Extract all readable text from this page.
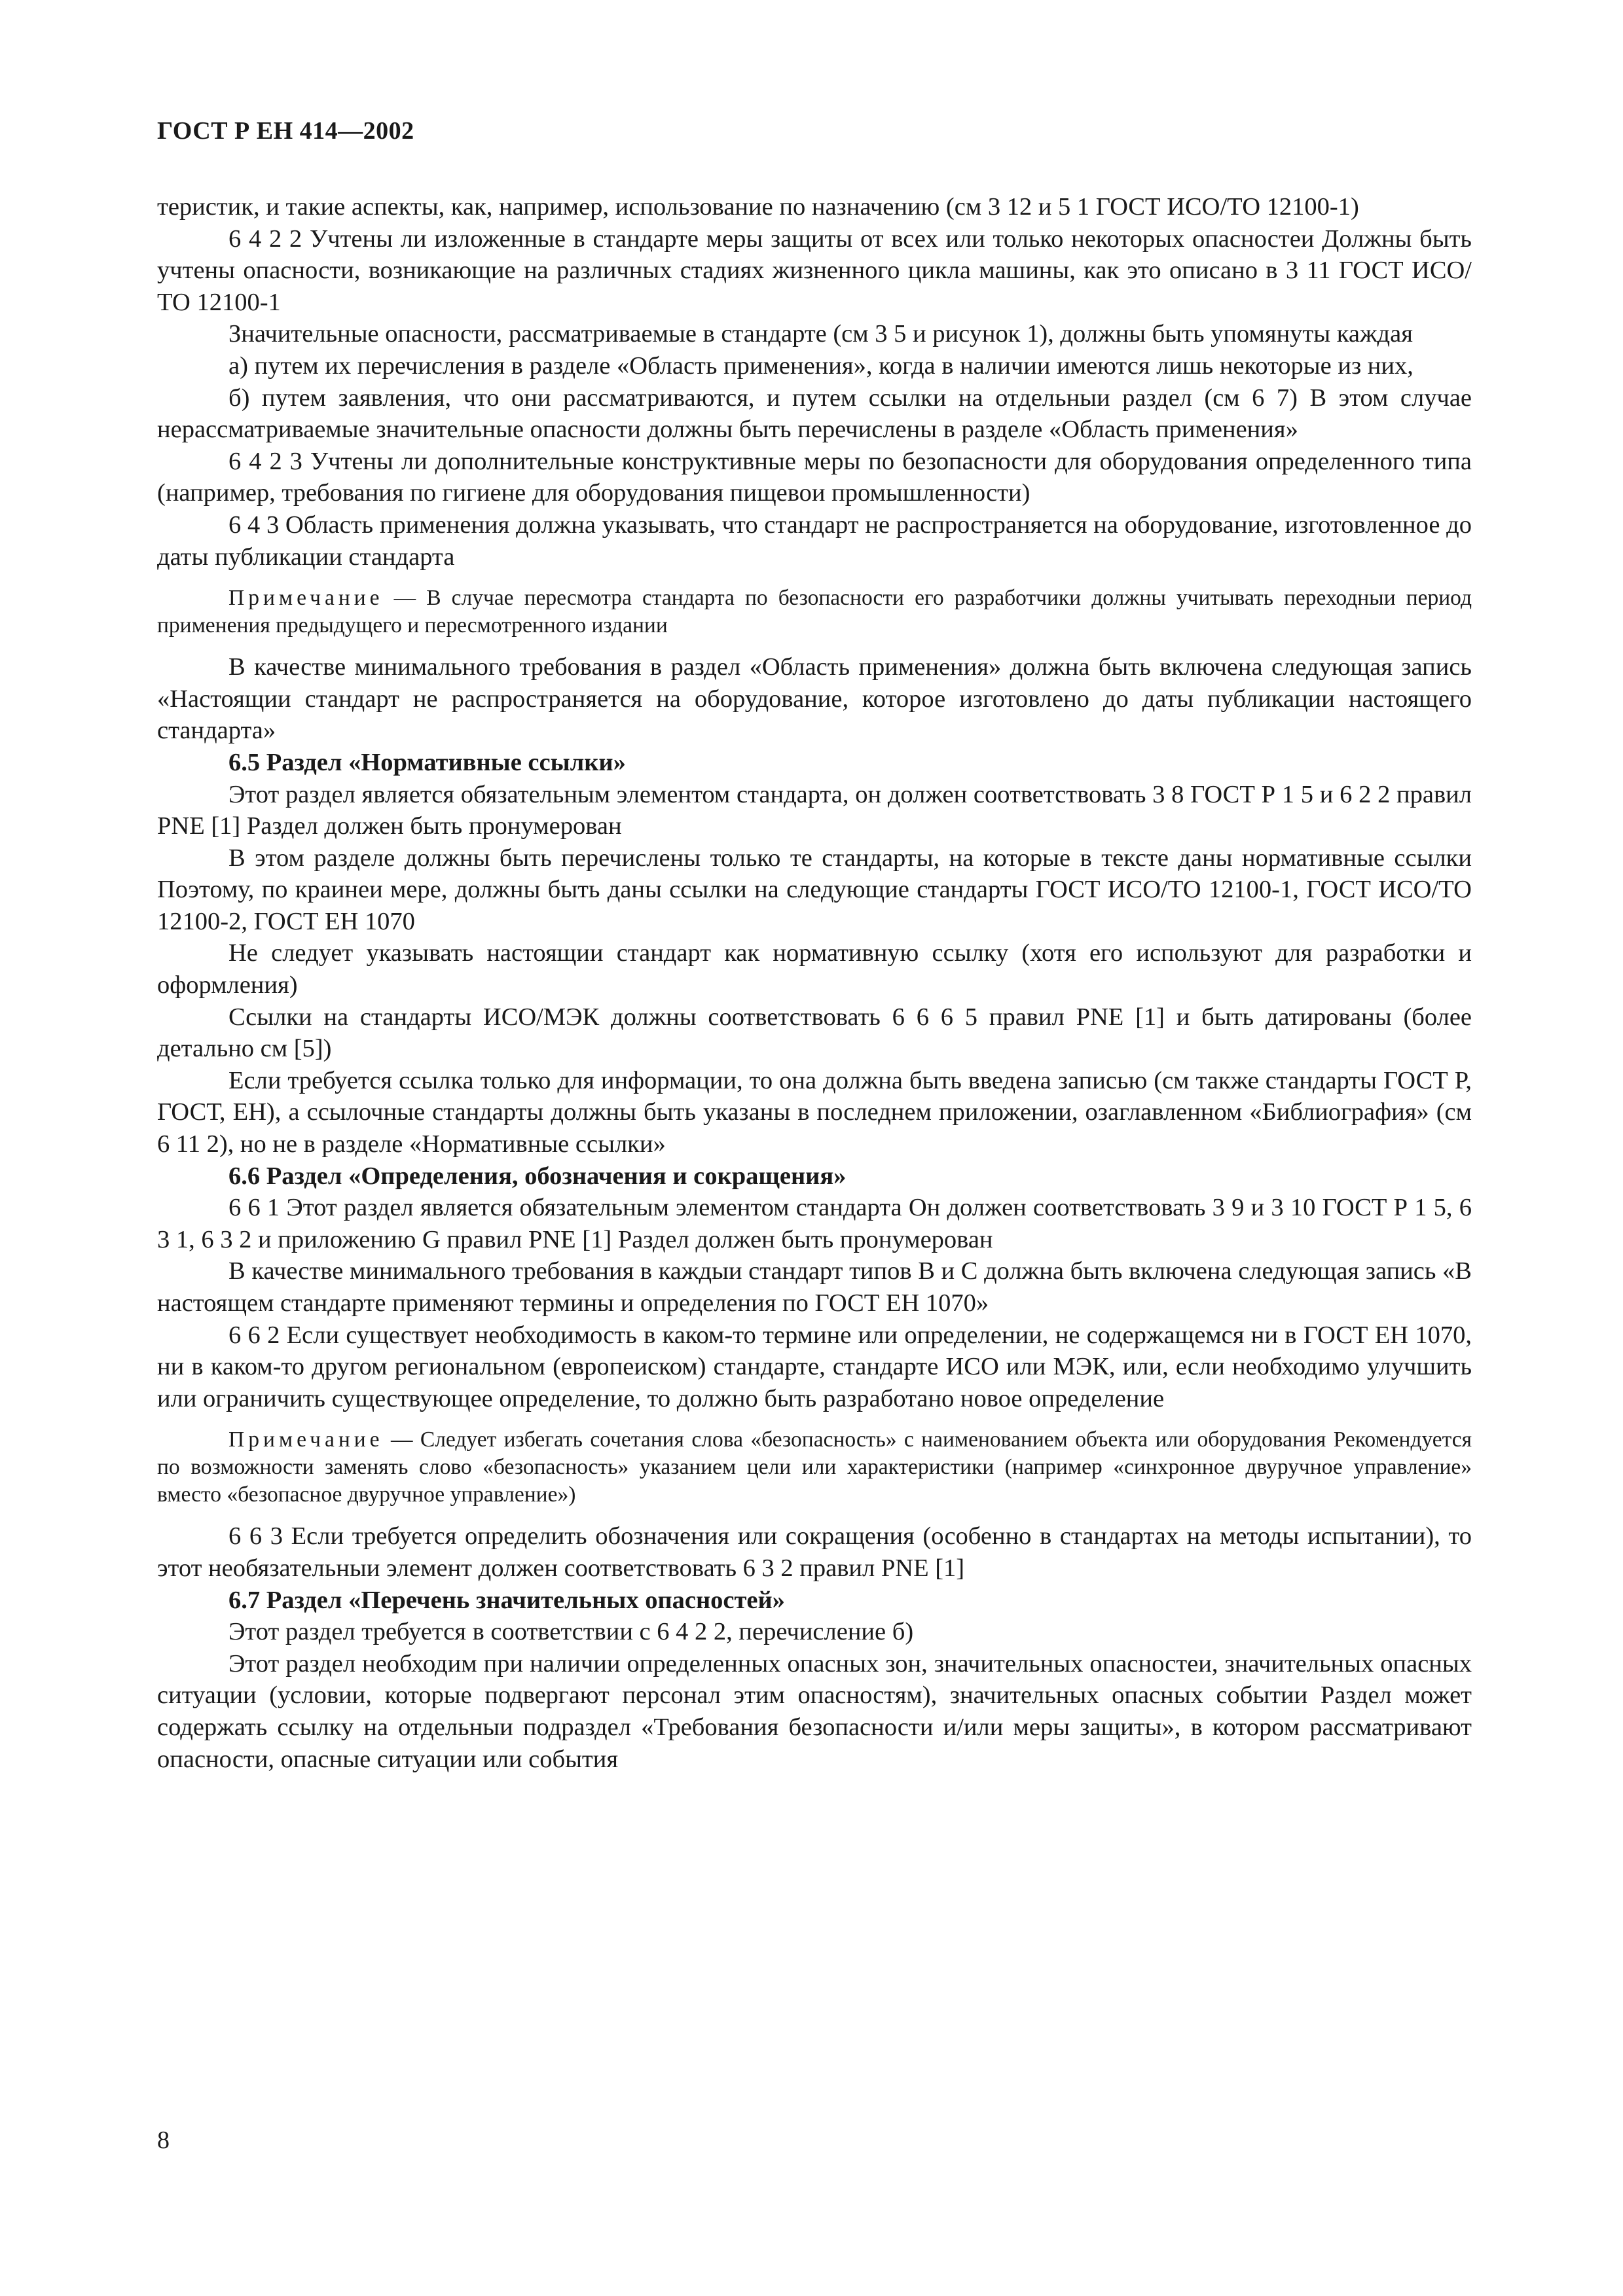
ГОСТ Р ЕН 414—2002

теристик, и такие аспекты, как, например, использование по назначению (см 3 12 и 5 1 ГОСТ ИСО/ТО 12100-1)

6 4 2 2 Учтены ли изложенные в стандарте меры защиты от всех или только некоторых опасностеи Должны быть учтены опасности, возникающие на различных стадиях жизненного цикла машины, как это описано в 3 11 ГОСТ ИСО/ТО 12100-1

Значительные опасности, рассматриваемые в стандарте (см 3 5 и рисунок 1), должны быть упомянуты каждая

а) путем их перечисления в разделе «Область применения», когда в наличии имеются лишь некоторые из них,

б) путем заявления, что они рассматриваются, и путем ссылки на отдельныи раздел (см 6 7) В этом случае нерассматриваемые значительные опасности должны быть перечислены в разделе «Область применения»

6 4 2 3 Учтены ли дополнительные конструктивные меры по безопасности для оборудования определенного типа (например, требования по гигиене для оборудования пищевои промышленности)

6 4 3 Область применения должна указывать, что стандарт не распространяется на оборудование, изготовленное до даты публикации стандарта

Примечание — В случае пересмотра стандарта по безопасности его разработчики должны учитывать переходныи период применения предыдущего и пересмотренного издании

В качестве минимального требования в раздел «Область применения» должна быть включена следующая запись «Настоящии стандарт не распространяется на оборудование, которое изготовлено до даты публикации настоящего стандарта»

6.5 Раздел «Нормативные ссылки»

Этот раздел является обязательным элементом стандарта, он должен соответствовать 3 8 ГОСТ Р 1 5 и 6 2 2 правил PNE [1] Раздел должен быть пронумерован

В этом разделе должны быть перечислены только те стандарты, на которые в тексте даны нормативные ссылки Поэтому, по краинеи мере, должны быть даны ссылки на следующие стандарты ГОСТ ИСО/ТО 12100-1, ГОСТ ИСО/ТО 12100-2, ГОСТ ЕН 1070

Не следует указывать настоящии стандарт как нормативную ссылку (хотя его используют для разработки и оформления)

Ссылки на стандарты ИСО/МЭК должны соответствовать 6 6 6 5 правил PNE [1] и быть датированы (более детально см [5])

Если требуется ссылка только для информации, то она должна быть введена записью (см также стандарты ГОСТ Р, ГОСТ, ЕН), а ссылочные стандарты должны быть указаны в последнем приложении, озаглавленном «Библиография» (см 6 11 2), но не в разделе «Нормативные ссылки»

6.6 Раздел «Определения, обозначения и сокращения»

6 6 1 Этот раздел является обязательным элементом стандарта Он должен соответствовать 3 9 и 3 10 ГОСТ Р 1 5, 6 3 1, 6 3 2 и приложению G правил PNE [1] Раздел должен быть пронумерован

В качестве минимального требования в каждыи стандарт типов В и С должна быть включена следующая запись «В настоящем стандарте применяют термины и определения по ГОСТ ЕН 1070»

6 6 2 Если существует необходимость в каком-то термине или определении, не содержащемся ни в ГОСТ ЕН 1070, ни в каком-то другом региональном (европеиском) стандарте, стандарте ИСО или МЭК, или, если необходимо улучшить или ограничить существующее определение, то должно быть разработано новое определение

Примечание — Следует избегать сочетания слова «безопасность» с наименованием объекта или оборудования Рекомендуется по возможности заменять слово «безопасность» указанием цели или характеристики (например «синхронное двуручное управление» вместо «безопасное двуручное управление»)

6 6 3 Если требуется определить обозначения или сокращения (особенно в стандартах на методы испытании), то этот необязательныи элемент должен соответствовать 6 3 2 правил PNE [1]

6.7 Раздел «Перечень значительных опасностей»

Этот раздел требуется в соответствии с 6 4 2 2, перечисление б)

Этот раздел необходим при наличии определенных опасных зон, значительных опасностеи, значительных опасных ситуации (условии, которые подвергают персонал этим опасностям), значительных опасных событии Раздел может содержать ссылку на отдельныи подраздел «Требования безопасности и/или меры защиты», в котором рассматривают опасности, опасные ситуации или события

8
